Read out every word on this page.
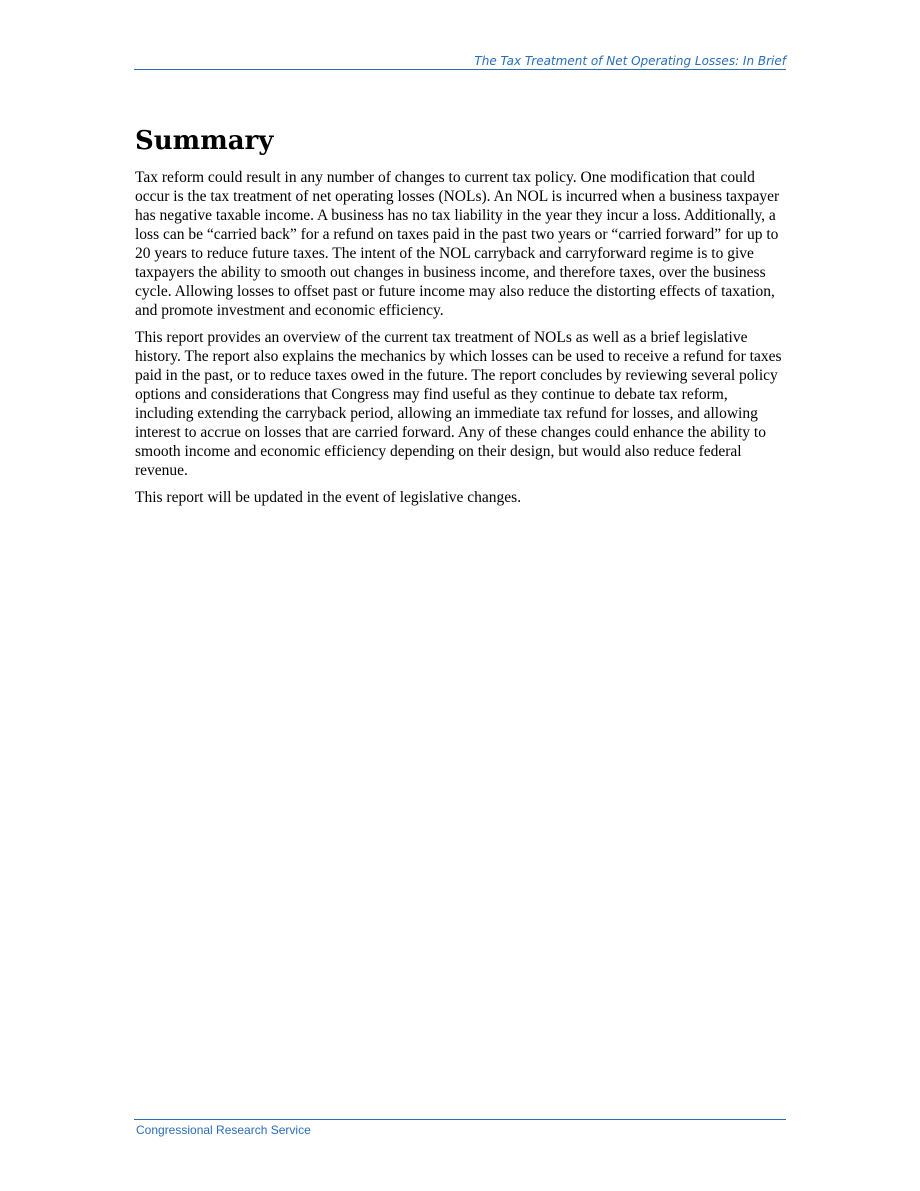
The Tax Treatment of Net Operating Losses: In Brief
Summary

Tax reform could result in any number of changes to current tax policy. One modification that could occur is the tax treatment of net operating losses (NOLs). An NOL is incurred when a business taxpayer has negative taxable income. A business has no tax liability in the year they incur a loss. Additionally, a loss can be “carried back” for a refund on taxes paid in the past two years or “carried forward” for up to 20 years to reduce future taxes. The intent of the NOL carryback and carryforward regime is to give taxpayers the ability to smooth out changes in business income, and therefore taxes, over the business cycle. Allowing losses to offset past or future income may also reduce the distorting effects of taxation, and promote investment and economic efficiency.

This report provides an overview of the current tax treatment of NOLs as well as a brief legislative history. The report also explains the mechanics by which losses can be used to receive a refund for taxes paid in the past, or to reduce taxes owed in the future. The report concludes by reviewing several policy options and considerations that Congress may find useful as they continue to debate tax reform, including extending the carryback period, allowing an immediate tax refund for losses, and allowing interest to accrue on losses that are carried forward. Any of these changes could enhance the ability to smooth income and economic efficiency depending on their design, but would also reduce federal revenue.

This report will be updated in the event of legislative changes.

Congressional Research Service
